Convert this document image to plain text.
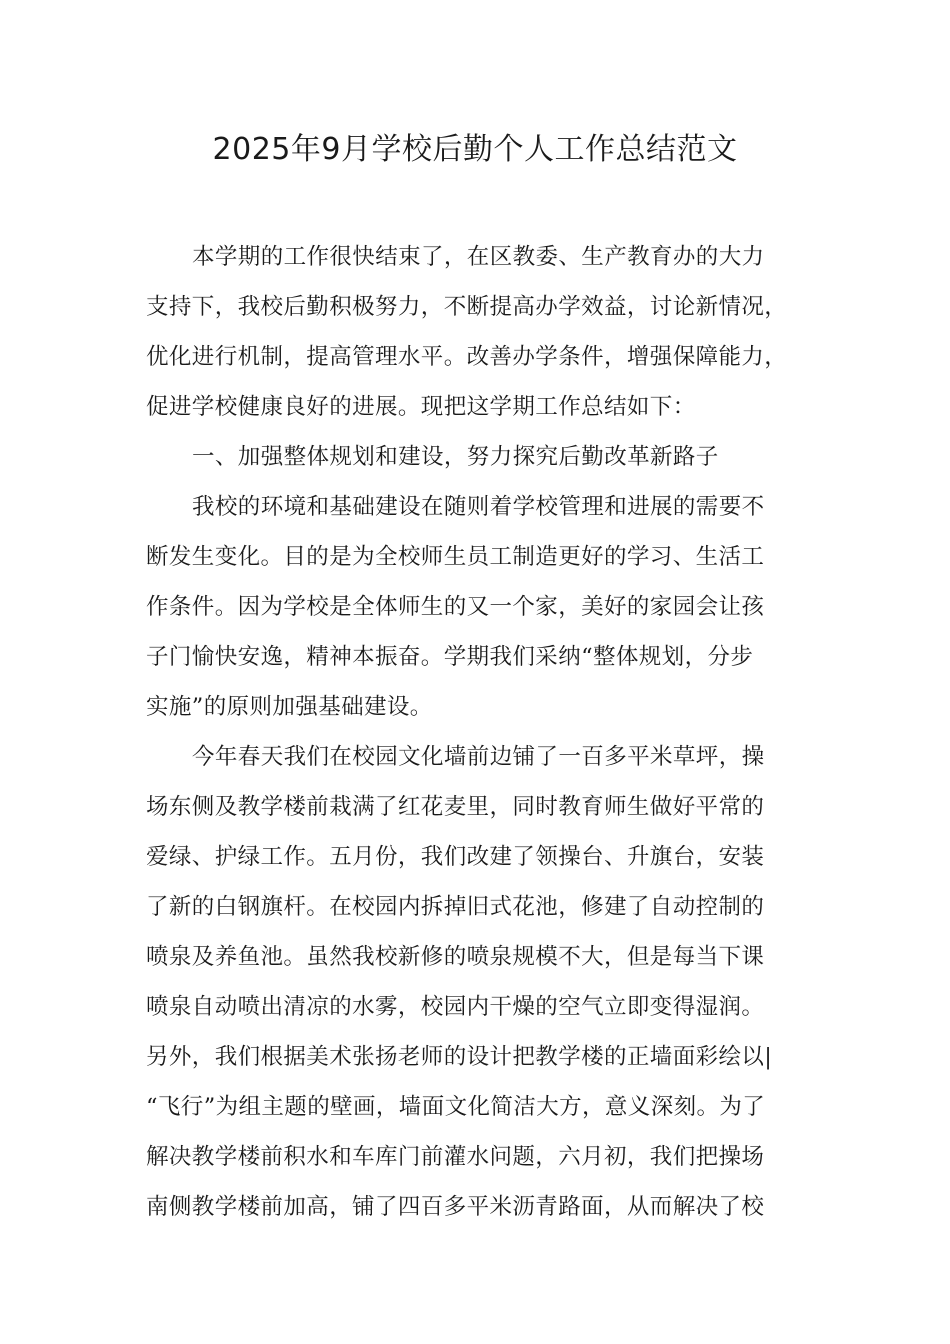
2025年9月学校后勤个人工作总结范文
本学期的工作很快结束了，在区教委、生产教育办的大力
支持下，我校后勤积极努力，不断提高办学效益，讨论新情况，
优化进行机制，提高管理水平。改善办学条件，增强保障能力，
促进学校健康良好的进展。现把这学期工作总结如下：
一、加强整体规划和建设，努力探究后勤改革新路子
我校的环境和基础建设在随则着学校管理和进展的需要不
断发生变化。目的是为全校师生员工制造更好的学习、生活工
作条件。因为学校是全体师生的又一个家，美好的家园会让孩
子门愉快安逸，精神本振奋。学期我们采纳“整体规划，分步
实施”的原则加强基础建设。
今年春天我们在校园文化墙前边铺了一百多平米草坪，操
场东侧及教学楼前栽满了红花麦里，同时教育师生做好平常的
爱绿、护绿工作。五月份，我们改建了领操台、升旗台，安装
了新的白钢旗杆。在校园内拆掉旧式花池，修建了自动控制的
喷泉及养鱼池。虽然我校新修的喷泉规模不大，但是每当下课
喷泉自动喷出清凉的水雾，校园内干燥的空气立即变得湿润。
另外，我们根据美术张扬老师的设计把教学楼的正墙面彩绘以|
“飞行”为组主题的壁画，墙面文化简洁大方，意义深刻。为了
解决教学楼前积水和车库门前灌水问题，六月初，我们把操场
南侧教学楼前加高，铺了四百多平米沥青路面，从而解决了校
